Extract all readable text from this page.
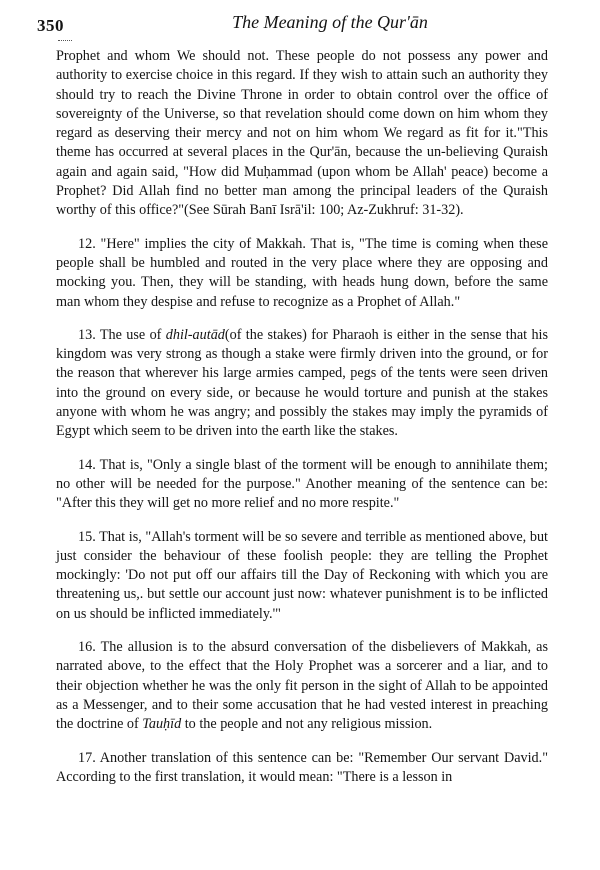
350	The Meaning of the Qur'ān

Prophet and whom We should not. These people do not possess any power and authority to exercise choice in this regard. If they wish to attain such an authority they should try to reach the Divine Throne in order to obtain control over the office of sovereignty of the Universe, so that revelation should come down on him whom they regard as deserving their mercy and not on him whom We regard as fit for it."This theme has occurred at several places in the Qur'ān, because the un-believing Quraish again and again said, "How did Muḥammad (upon whom be Allah' peace) become a Prophet? Did Allah find no better man among the principal leaders of the Quraish worthy of this office?"(See Sūrah Banī Isrā'il: 100; Az-Zukhruf: 31-32).

12. "Here" implies the city of Makkah. That is, "The time is coming when these people shall be humbled and routed in the very place where they are opposing and mocking you. Then, they will be standing, with heads hung down, before the same man whom they despise and refuse to recognize as a Prophet of Allah."

13. The use of dhil-autād(of the stakes) for Pharaoh is either in the sense that his kingdom was very strong as though a stake were firmly driven into the ground, or for the reason that wherever his large armies camped, pegs of the tents were seen driven into the ground on every side, or because he would torture and punish at the stakes anyone with whom he was angry; and possibly the stakes may imply the pyramids of Egypt which seem to be driven into the earth like the stakes.

14. That is, "Only a single blast of the torment will be enough to annihilate them; no other will be needed for the purpose." Another meaning of the sentence can be: "After this they will get no more relief and no more respite."

15. That is, "Allah's torment will be so severe and terrible as mentioned above, but just consider the behaviour of these foolish people: they are telling the Prophet mockingly: 'Do not put off our affairs till the Day of Reckoning with which you are threatening us,. but settle our account just now: whatever punishment is to be inflicted on us should be inflicted immediately.'"

16. The allusion is to the absurd conversation of the disbelievers of Makkah, as narrated above, to the effect that the Holy Prophet was a sorcerer and a liar, and to their objection whether he was the only fit person in the sight of Allah to be appointed as a Messenger, and to their some accusation that he had vested interest in preaching the doctrine of Tauḥīd to the people and not any religious mission.

17. Another translation of this sentence can be: "Remember Our servant David." According to the first translation, it would mean: "There is a lesson in
